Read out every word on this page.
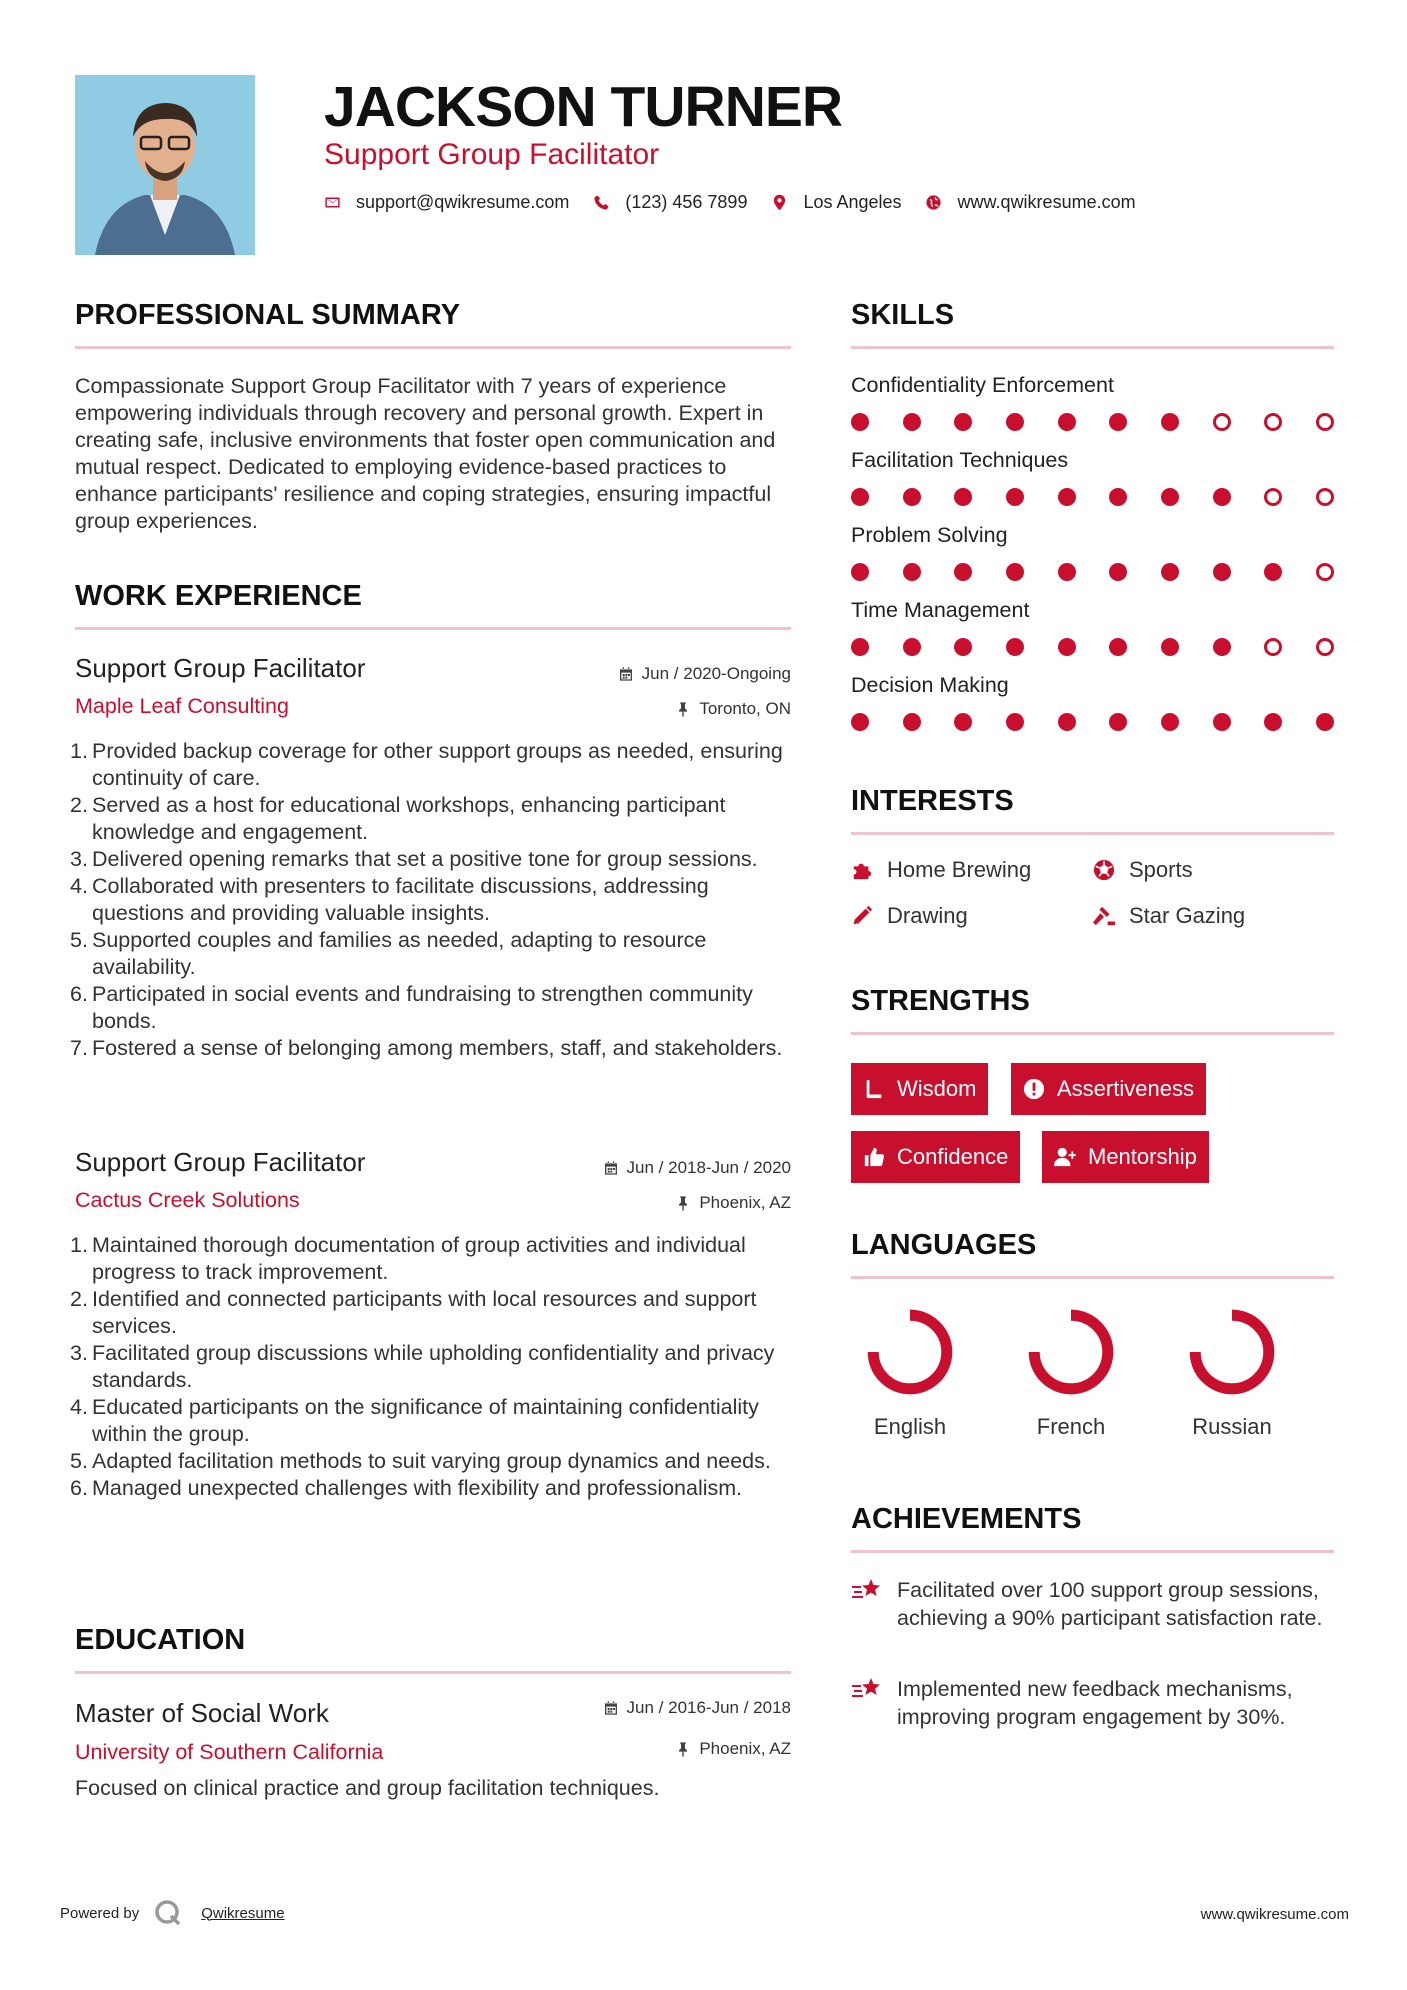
JACKSON TURNER
Support Group Facilitator
support@qwikresume.com	(123) 456 7899	Los Angeles	www.qwikresume.com
PROFESSIONAL SUMMARY
Compassionate Support Group Facilitator with 7 years of experience empowering individuals through recovery and personal growth. Expert in creating safe, inclusive environments that foster open communication and mutual respect. Dedicated to employing evidence-based practices to enhance participants' resilience and coping strategies, ensuring impactful group experiences.
WORK EXPERIENCE
Support Group Facilitator
Maple Leaf Consulting
Jun / 2020-Ongoing
Toronto, ON
1. Provided backup coverage for other support groups as needed, ensuring continuity of care.
2. Served as a host for educational workshops, enhancing participant knowledge and engagement.
3. Delivered opening remarks that set a positive tone for group sessions.
4. Collaborated with presenters to facilitate discussions, addressing questions and providing valuable insights.
5. Supported couples and families as needed, adapting to resource availability.
6. Participated in social events and fundraising to strengthen community bonds.
7. Fostered a sense of belonging among members, staff, and stakeholders.
Support Group Facilitator
Cactus Creek Solutions
Jun / 2018-Jun / 2020
Phoenix, AZ
1. Maintained thorough documentation of group activities and individual progress to track improvement.
2. Identified and connected participants with local resources and support services.
3. Facilitated group discussions while upholding confidentiality and privacy standards.
4. Educated participants on the significance of maintaining confidentiality within the group.
5. Adapted facilitation methods to suit varying group dynamics and needs.
6. Managed unexpected challenges with flexibility and professionalism.
EDUCATION
Master of Social Work
University of Southern California
Jun / 2016-Jun / 2018
Phoenix, AZ
Focused on clinical practice and group facilitation techniques.
SKILLS
Confidentiality Enforcement
Facilitation Techniques
Problem Solving
Time Management
Decision Making
INTERESTS
Home Brewing	Sports
Drawing	Star Gazing
STRENGTHS
Wisdom	Assertiveness
Confidence	Mentorship
LANGUAGES
English	French	Russian
ACHIEVEMENTS
Facilitated over 100 support group sessions, achieving a 90% participant satisfaction rate.
Implemented new feedback mechanisms, improving program engagement by 30%.
Powered by	Qwikresume	www.qwikresume.com
